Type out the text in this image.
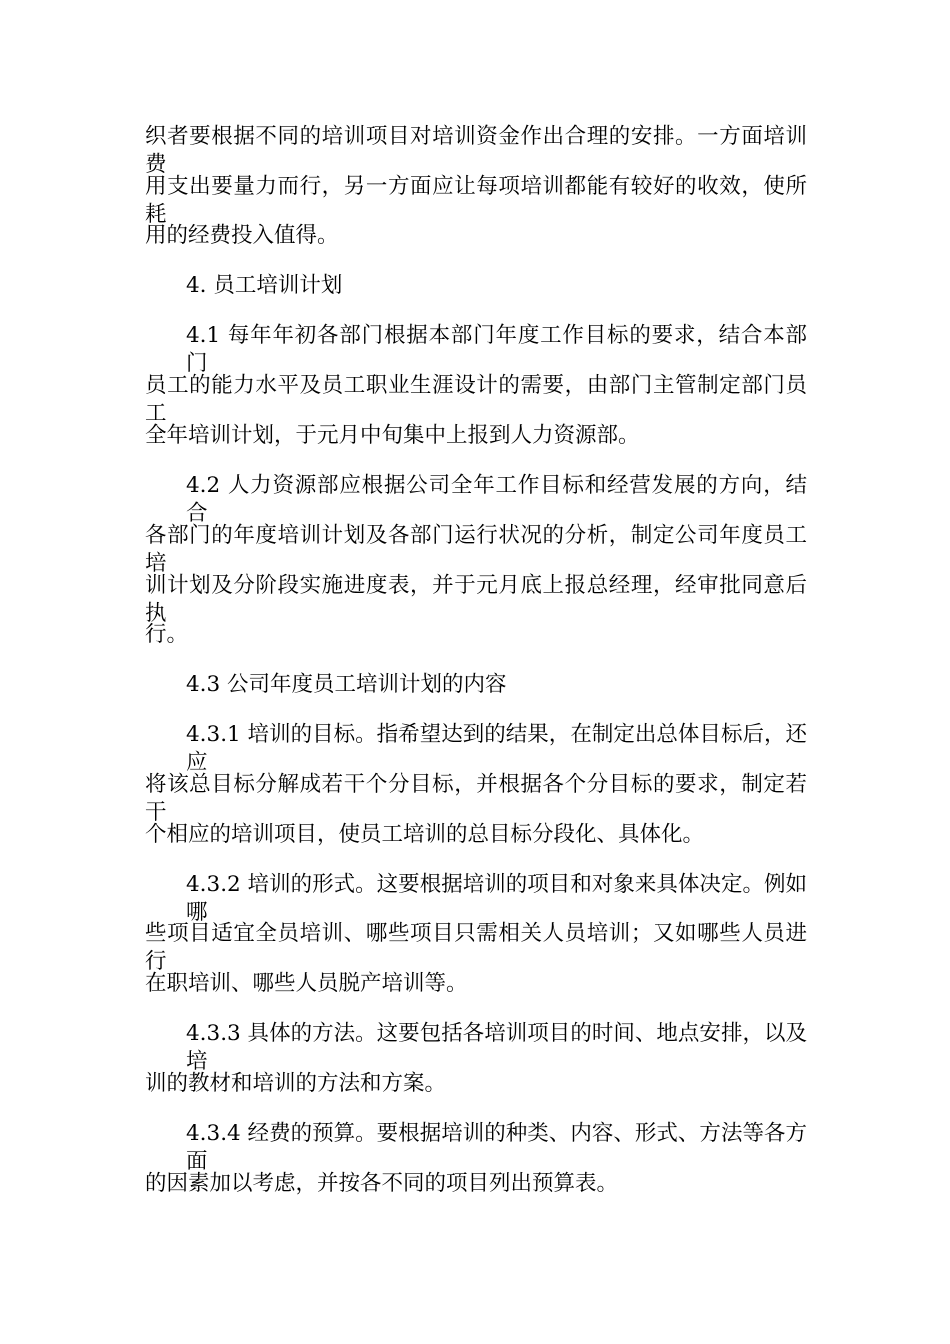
织者要根据不同的培训项目对培训资金作出合理的安排。一方面培训费

用支出要量力而行，另一方面应让每项培训都能有较好的收效，使所耗

用的经费投入值得。

4. 员工培训计划

4.1 每年年初各部门根据本部门年度工作目标的要求，结合本部门

员工的能力水平及员工职业生涯设计的需要，由部门主管制定部门员工

全年培训计划，于元月中旬集中上报到人力资源部。

4.2 人力资源部应根据公司全年工作目标和经营发展的方向，结合

各部门的年度培训计划及各部门运行状况的分析，制定公司年度员工培

训计划及分阶段实施进度表，并于元月底上报总经理，经审批同意后执

行。

4.3 公司年度员工培训计划的内容

4.3.1 培训的目标。指希望达到的结果，在制定出总体目标后，还应

将该总目标分解成若干个分目标，并根据各个分目标的要求，制定若干

个相应的培训项目，使员工培训的总目标分段化、具体化。

4.3.2 培训的形式。这要根据培训的项目和对象来具体决定。例如哪

些项目适宜全员培训、哪些项目只需相关人员培训；又如哪些人员进行

在职培训、哪些人员脱产培训等。

4.3.3 具体的方法。这要包括各培训项目的时间、地点安排，以及培

训的教材和培训的方法和方案。

4.3.4 经费的预算。要根据培训的种类、内容、形式、方法等各方面

的因素加以考虑，并按各不同的项目列出预算表。
